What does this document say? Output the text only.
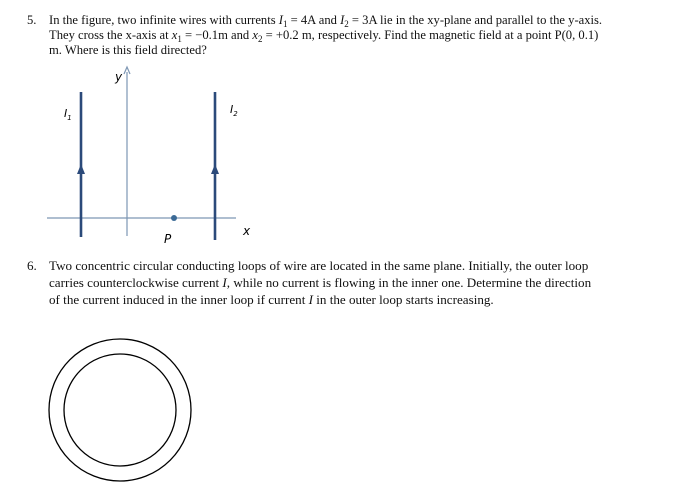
5. In the figure, two infinite wires with currents $I_1 = 4A$ and $I_2 = 3A$ lie in the xy-plane and parallel to the y-axis.
They cross the x-axis at $x_1 = -0.1m$ and $x_2 = +0.2$ m, respectively. Find the magnetic field at a point P(0, 0.1)
m. Where is this field directed?
y
x
P
$I_1$
$I_2$
6. Two concentric circular conducting loops of wire are located in the same plane. Initially, the outer loop
carries counterclockwise current I, while no current is flowing in the inner one. Determine the direction
of the current induced in the inner loop if current I in the outer loop starts increasing.
